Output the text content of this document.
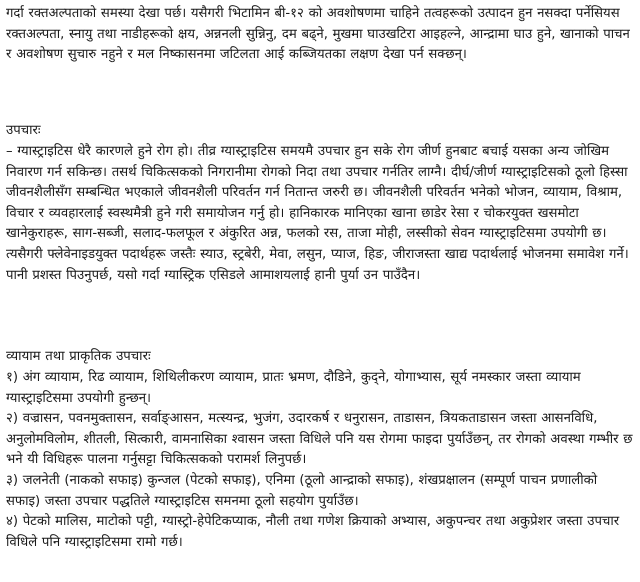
गर्दा रक्तअल्पताको समस्या देखा पर्छ। यसैगरी भिटामिन बी-१२ को अवशोषणमा चाहिने तत्वहरूको उत्पादन हुन नसक्दा पर्नेसियस रक्तअल्पता, स्नायु तथा नाडीहरूको क्षय, अन्ननली सुन्निनु, दम बढ्ने, मुखमा घाउखटिरा आइहल्ने, आन्द्रामा घाउ हुने, खानाको पाचन र अवशोषण सुचारु नहुने र मल निष्कासनमा जटिलता आई कब्जियतका लक्षण देखा पर्न सक्छन्।

उपचारः

– ग्यास्ट्राइटिस धेरै कारणले हुने रोग हो। तीव्र ग्यास्ट्राइटिस समयमै उपचार हुन सके रोग जीर्ण हुनबाट बचाई यसका अन्य जोखिम निवारण गर्न सकिन्छ। तसर्थ चिकित्सकको निगरानीमा रोगको निदा तथा उपचार गर्नतिर लाग्नै। दीर्घ/जीर्ण ग्यास्ट्राइटिसको ठूलो हिस्सा जीवनशैलीसँग सम्बन्धित भएकाले जीवनशैली परिवर्तन गर्न नितान्त जरुरी छ। जीवनशैली परिवर्तन भनेको भोजन, व्यायाम, विश्राम, विचार र व्यवहारलाई स्वस्थमैत्री हुने गरी समायोजन गर्नु हो। हानिकारक मानिएका खाना छाडेर रेसा र चोकरयुक्त खसमोटा खानेकुराहरू, साग-सब्जी, सलाद-फलफूल र अंकुरित अन्न, फलको रस, ताजा मोही, लस्सीको सेवन ग्यास्ट्राइटिसमा उपयोगी छ। त्यसैगरी फ्लेवेनाइडयुक्त पदार्थहरू जस्तैः स्याउ, स्ट्रबेरी, मेवा, लसुन, प्याज, हिङ, जीराजस्ता खाद्य पदार्थलाई भोजनमा समावेश गर्ने। पानी प्रशस्त पिउनुपर्छ, यसो गर्दा ग्यास्ट्रिक एसिडले आमाशयलाई हानी पुर्या उन पाउँदैन।

व्यायाम तथा प्राकृतिक उपचारः

१) अंग व्यायाम, रिढ व्यायाम, शिथिलीकरण व्यायाम, प्रातः भ्रमण, दौडिने, कुद्ने, योगाभ्यास, सूर्य नमस्कार जस्ता व्यायाम ग्यास्ट्राइटिसमा उपयोगी हुन्छन्।

२) वज्रासन, पवनमुक्तासन, सर्वाङ्‌आसन, मत्स्यन्द्र, भुजंग, उदारकर्ष र धनुरासन, ताडासन, त्रियकताडासन जस्ता आसनविधि, अनुलोमविलोम, शीतली, सित्कारी, वामनासिका श्वासन जस्ता विधिले पनि यस रोगमा फाइदा पुर्याउँछन्, तर रोगको अवस्था गम्भीर छ भने यी विधिहरू पालना गर्नुसट्टा चिकित्सकको परामर्श लिनुपर्छ।

३) जलनेती (नाकको सफाइ) कुन्जल (पेटको सफाइ), एनिमा (ठूलो आन्द्राको सफाइ), शंखप्रक्षालन (सम्पूर्ण पाचन प्रणालीको सफाइ) जस्ता उपचार पद्धतिले ग्यास्ट्राइटिस समनमा ठूलो सहयोग पुर्याउँछ।

४) पेटको मालिस, माटोको पट्टी, ग्यास्ट्रो-हेपेटिकप्याक, नौली तथा गणेश क्रियाको अभ्यास, अकुपन्चर तथा अकुप्रेशर जस्ता उपचार विधिले पनि ग्यास्ट्राइटिसमा रामो गर्छ।
